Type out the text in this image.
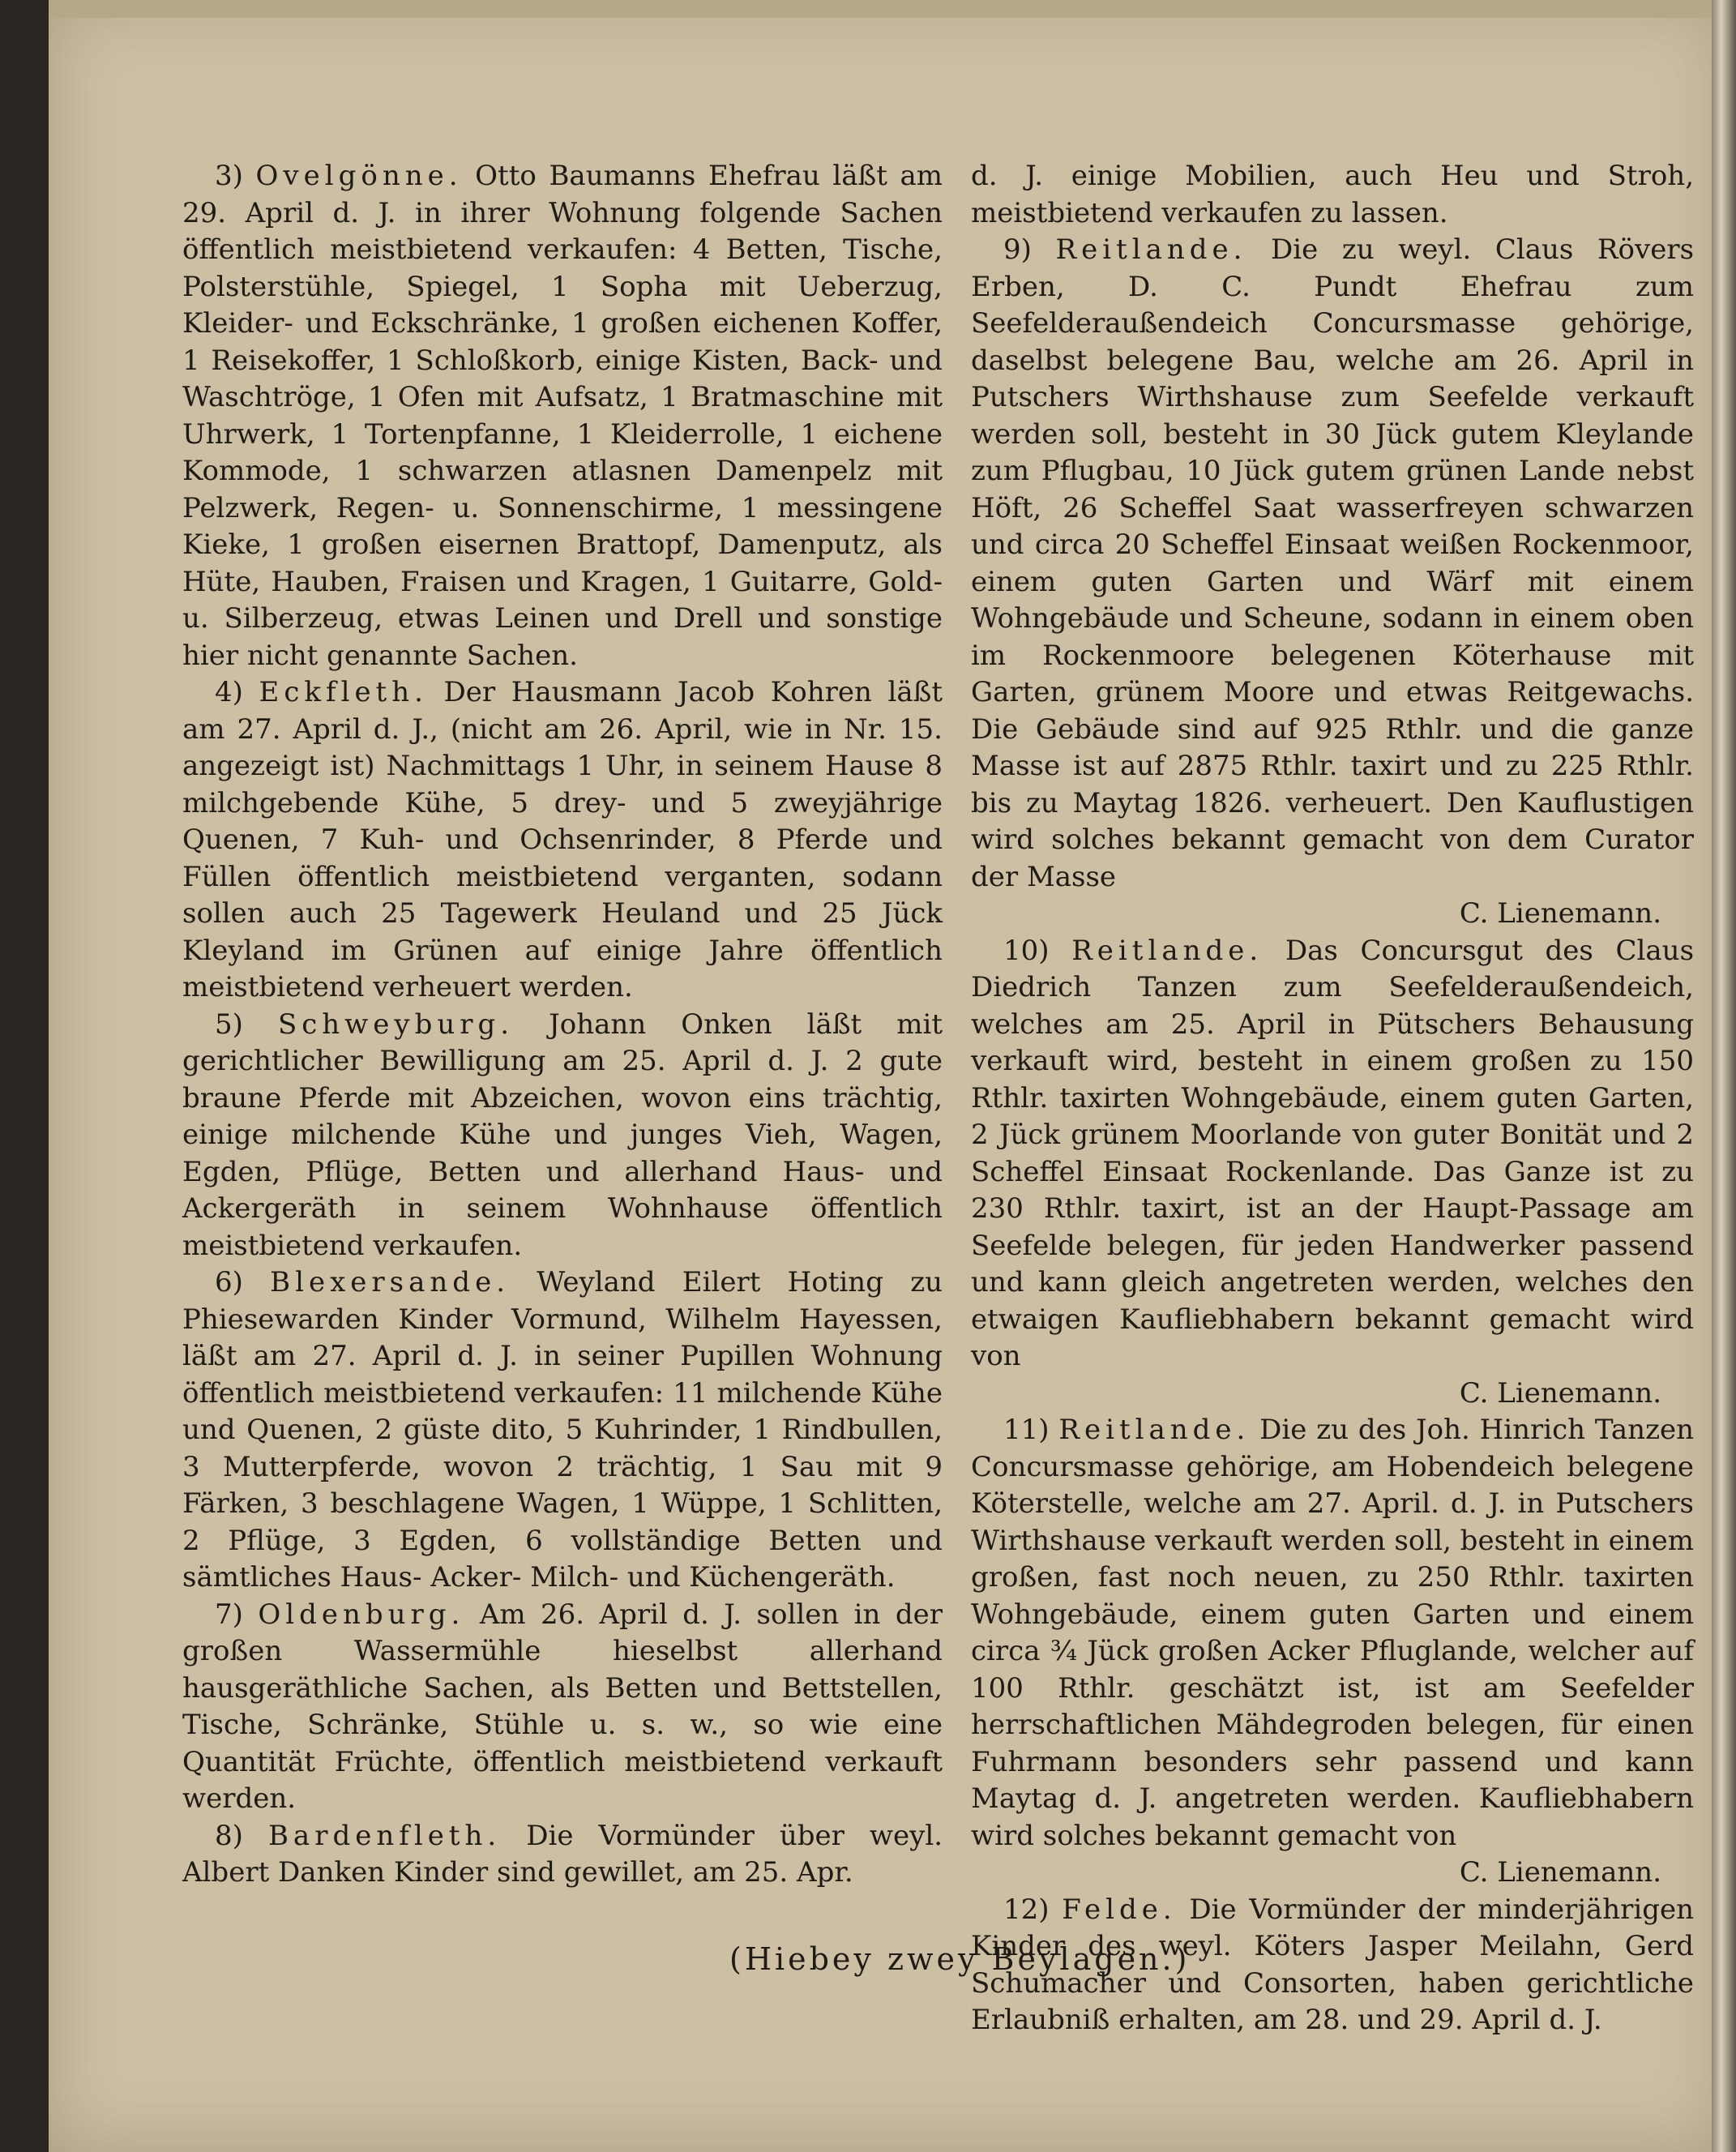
3) Ovelgönne. Otto Baumanns Ehefrau läßt am 29. April d. J. in ihrer Wohnung folgende Sachen öffentlich meistbietend verkaufen: 4 Betten, Tische, Polsterstühle, Spiegel, 1 Sopha mit Ueberzug, Kleider- und Eckschränke, 1 großen eichenen Koffer, 1 Reisekoffer, 1 Schloßkorb, einige Kisten, Back- und Waschtröge, 1 Ofen mit Aufsatz, 1 Bratmaschine mit Uhrwerk, 1 Tortenpfanne, 1 Kleiderrolle, 1 eichene Kommode, 1 schwarzen atlasnen Damenpelz mit Pelzwerk, Regen- u. Sonnenschirme, 1 messingene Kieke, 1 großen eisernen Brattopf, Damenputz, als Hüte, Hauben, Fraisen und Kragen, 1 Guitarre, Gold- u. Silberzeug, etwas Leinen und Drell und sonstige hier nicht genannte Sachen.

4) Eckfleth. Der Hausmann Jacob Kohren läßt am 27. April d. J., (nicht am 26. April, wie in Nr. 15. angezeigt ist) Nachmittags 1 Uhr, in seinem Hause 8 milchgebende Kühe, 5 drey- und 5 zweyjährige Quenen, 7 Kuh- und Ochsenrinder, 8 Pferde und Füllen öffentlich meistbietend verganten, sodann sollen auch 25 Tagewerk Heuland und 25 Jück Kleyland im Grünen auf einige Jahre öffentlich meistbietend verheuert werden.

5) Schweyburg. Johann Onken läßt mit gerichtlicher Bewilligung am 25. April d. J. 2 gute braune Pferde mit Abzeichen, wovon eins trächtig, einige milchende Kühe und junges Vieh, Wagen, Egden, Pflüge, Betten und allerhand Haus- und Ackergeräth in seinem Wohnhause öffentlich meistbietend verkaufen.

6) Blexersande. Weyland Eilert Hoting zu Phiesewarden Kinder Vormund, Wilhelm Hayessen, läßt am 27. April d. J. in seiner Pupillen Wohnung öffentlich meistbietend verkaufen: 11 milchende Kühe und Quenen, 2 güste dito, 5 Kuhrinder, 1 Rindbullen, 3 Mutterpferde, wovon 2 trächtig, 1 Sau mit 9 Färken, 3 beschlagene Wagen, 1 Wüppe, 1 Schlitten, 2 Pflüge, 3 Egden, 6 vollständige Betten und sämtliches Haus- Acker- Milch- und Küchengeräth.

7) Oldenburg. Am 26. April d. J. sollen in der großen Wassermühle hieselbst allerhand hausgeräthliche Sachen, als Betten und Bettstellen, Tische, Schränke, Stühle u. s. w., so wie eine Quantität Früchte, öffentlich meistbietend verkauft werden.

8) Bardenfleth. Die Vormünder über weyl. Albert Danken Kinder sind gewillet, am 25. Apr.

d. J. einige Mobilien, auch Heu und Stroh, meistbietend verkaufen zu lassen.

9) Reitlande. Die zu weyl. Claus Rövers Erben, D. C. Pundt Ehefrau zum Seefelderaußendeich Concursmasse gehörige, daselbst belegene Bau, welche am 26. April in Putschers Wirthshause zum Seefelde verkauft werden soll, besteht in 30 Jück gutem Kleylande zum Pflugbau, 10 Jück gutem grünen Lande nebst Höft, 26 Scheffel Saat wasserfreyen schwarzen und circa 20 Scheffel Einsaat weißen Rockenmoor, einem guten Garten und Wärf mit einem Wohngebäude und Scheune, sodann in einem oben im Rockenmoore belegenen Köterhause mit Garten, grünem Moore und etwas Reitgewachs. Die Gebäude sind auf 925 Rthlr. und die ganze Masse ist auf 2875 Rthlr. taxirt und zu 225 Rthlr. bis zu Maytag 1826. verheuert. Den Kauflustigen wird solches bekannt gemacht von dem Curator der Masse

C. Lienemann.

10) Reitlande. Das Concursgut des Claus Diedrich Tanzen zum Seefelderaußendeich, welches am 25. April in Pütschers Behausung verkauft wird, besteht in einem großen zu 150 Rthlr. taxirten Wohngebäude, einem guten Garten, 2 Jück grünem Moorlande von guter Bonität und 2 Scheffel Einsaat Rockenlande. Das Ganze ist zu 230 Rthlr. taxirt, ist an der Haupt-Passage am Seefelde belegen, für jeden Handwerker passend und kann gleich angetreten werden, welches den etwaigen Kaufliebhabern bekannt gemacht wird von

C. Lienemann.

11) Reitlande. Die zu des Joh. Hinrich Tanzen Concursmasse gehörige, am Hobendeich belegene Köterstelle, welche am 27. April. d. J. in Putschers Wirthshause verkauft werden soll, besteht in einem großen, fast noch neuen, zu 250 Rthlr. taxirten Wohngebäude, einem guten Garten und einem circa ¾ Jück großen Acker Pfluglande, welcher auf 100 Rthlr. geschätzt ist, ist am Seefelder herrschaftlichen Mähdegroden belegen, für einen Fuhrmann besonders sehr passend und kann Maytag d. J. angetreten werden. Kaufliebhabern wird solches bekannt gemacht von

C. Lienemann.

12) Felde. Die Vormünder der minderjährigen Kinder des weyl. Köters Jasper Meilahn, Gerd Schumacher und Consorten, haben gerichtliche Erlaubniß erhalten, am 28. und 29. April d. J.

(Hiebey zwey Beylagen.)
